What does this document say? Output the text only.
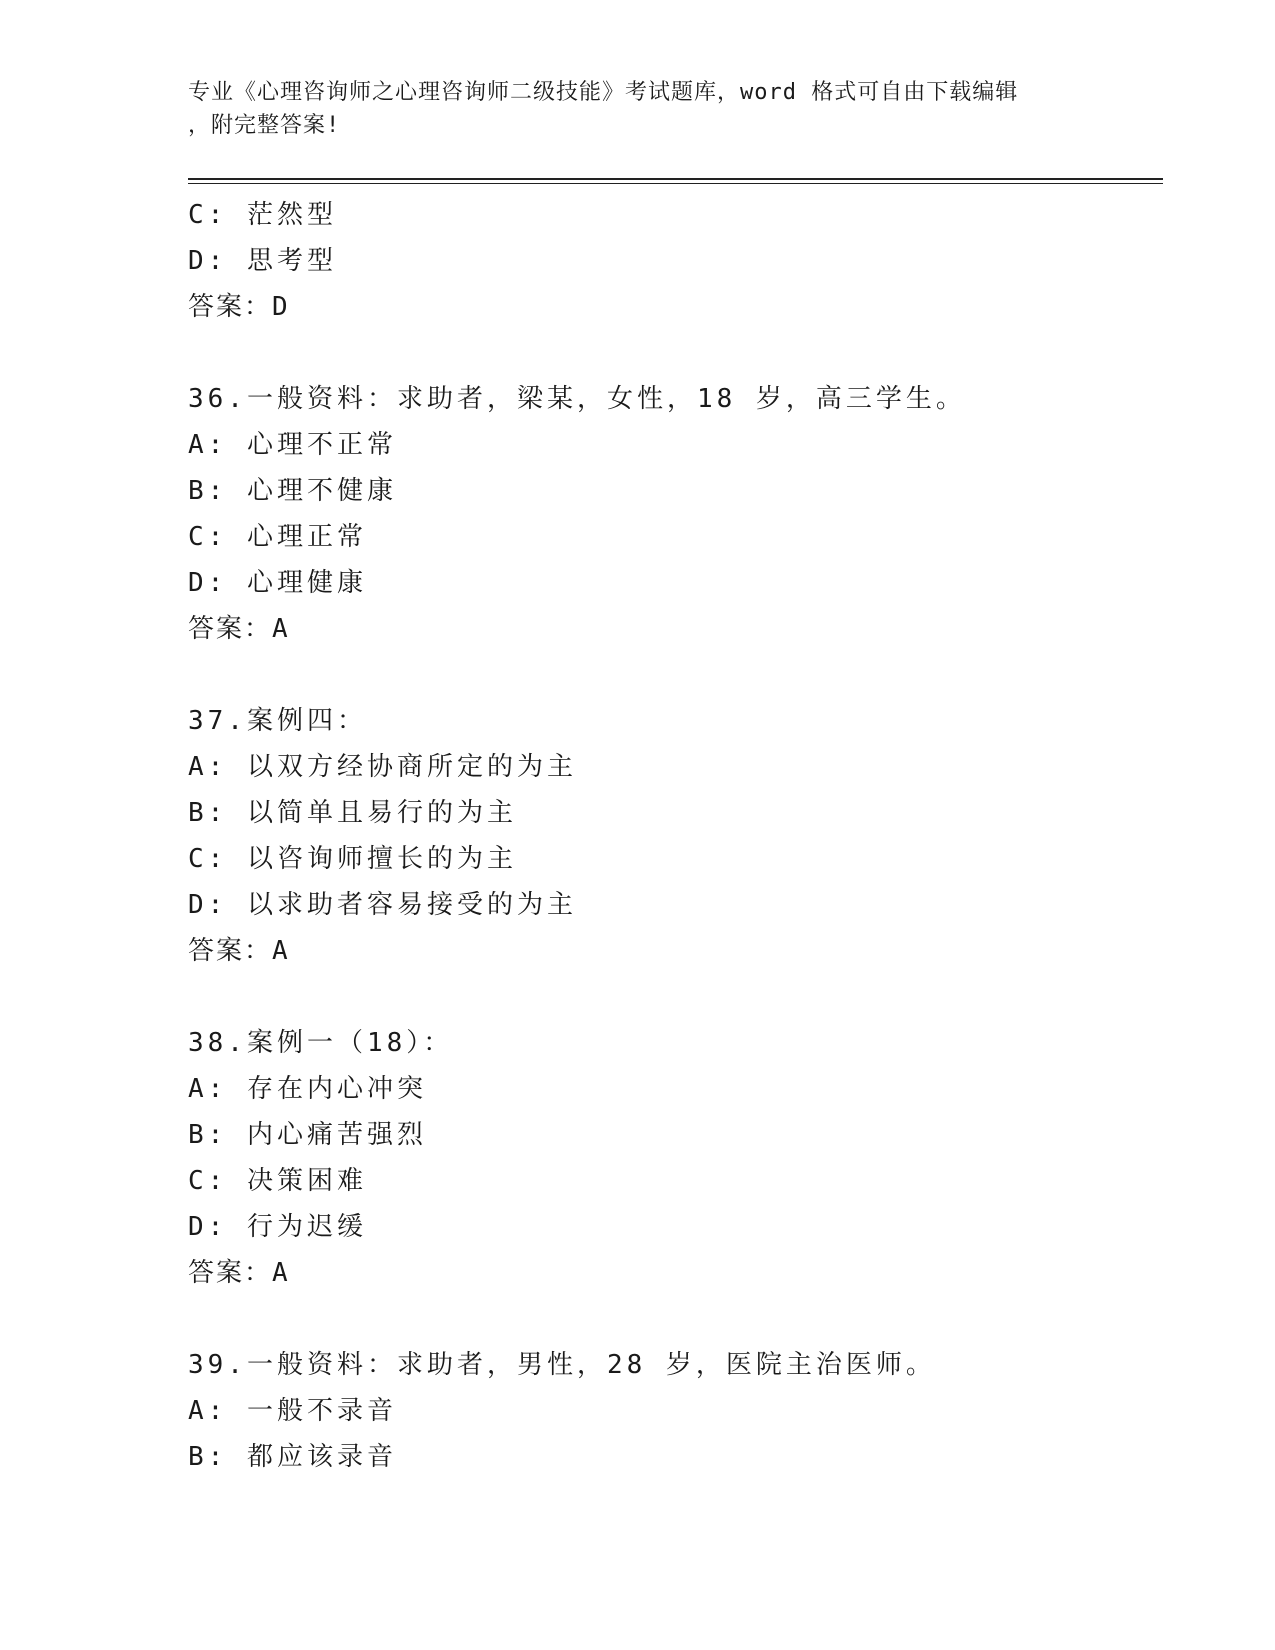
专业《心理咨询师之心理咨询师二级技能》考试题库，word 格式可自由下载编辑
，附完整答案!
C: 茫然型
D: 思考型
答案：D
36.一般资料：求助者，梁某，女性，18 岁，高三学生。
A: 心理不正常
B: 心理不健康
C: 心理正常
D: 心理健康
答案：A
37.案例四：
A: 以双方经协商所定的为主
B: 以简单且易行的为主
C: 以咨询师擅长的为主
D: 以求助者容易接受的为主
答案：A
38.案例一（18）：
A: 存在内心冲突
B: 内心痛苦强烈
C: 决策困难
D: 行为迟缓
答案：A
39.一般资料：求助者，男性，28 岁，医院主治医师。
A: 一般不录音
B: 都应该录音
